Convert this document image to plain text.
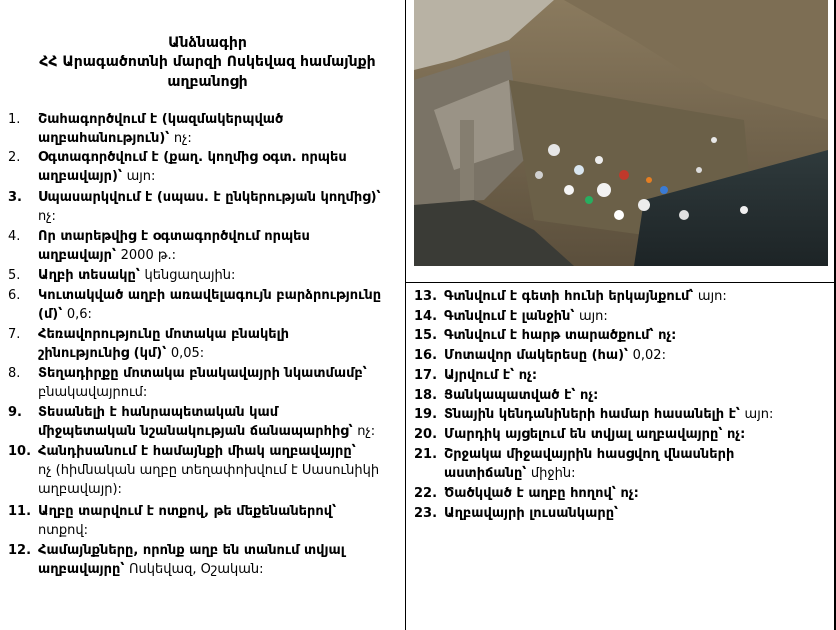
Անձնագիր
ՀՀ Արագածոտնի մարզի Ոսկեվազ համայնքի
աղբանոցի
1. Շահագործվում է (կազմակերպված
աղբահանություն)՝ ոչ:
2. Օգտագործվում է (քաղ. կողմից օգտ. որպես
աղբավայր)՝ այո:
3. Սպասարկվում է (սպաս. է ընկերության կողմից)՝
ոչ:
4. Որ տարեթվից է օգտագործվում որպես
աղբավայր՝ 2000 թ.:
5. Աղբի տեսակը՝ կենցաղային:
6. Կուտակված աղբի առավելագույն բարձրությունը
(մ)՝ 0,6:
7. Հեռավորությունը մոտակա բնակելի
շինությունից (կմ)՝ 0,05:
8. Տեղադիրքը մոտակա բնակավայրի նկատմամբ՝
բնակավայրում:
9. Տեսանելի է հանրապետական կամ
միջպետական նշանակության ճանապարհից՝ ոչ:
10. Հանդիսանում է համայնքի միակ աղբավայրը՝
ոչ (հիմնական աղբը տեղափոխվում է Սասունիկի
աղբավայր):
11. Աղբը տարվում է ոտքով, թե մեքենաներով՝
ոտքով:
12. Համայնքները, որոնք աղբ են տանում տվյալ
աղբավայրը՝ Ոսկեվազ, Օշական:
13. Գտնվում է գետի հունի երկայնքում՝ այո:
14. Գտնվում է լանջին՝ այո:
15. Գտնվում է հարթ տարածքում՝ ոչ:
16. Մոտավոր մակերեսը (հա)՝ 0,02:
17. Այրվում է՝ ոչ:
18. Ցանկապատված է՝ ոչ:
19. Տնային կենդանիների համար հասանելի է՝ այո:
20. Մարդիկ այցելում են տվյալ աղբավայրը՝ ոչ:
21. Շրջակա միջավայրին հասցվող վնասների
աստիճանը՝ միջին:
22. Ծածկված է աղբը հողով՝ ոչ:
23. Աղբավայրի լուսանկարը՝
